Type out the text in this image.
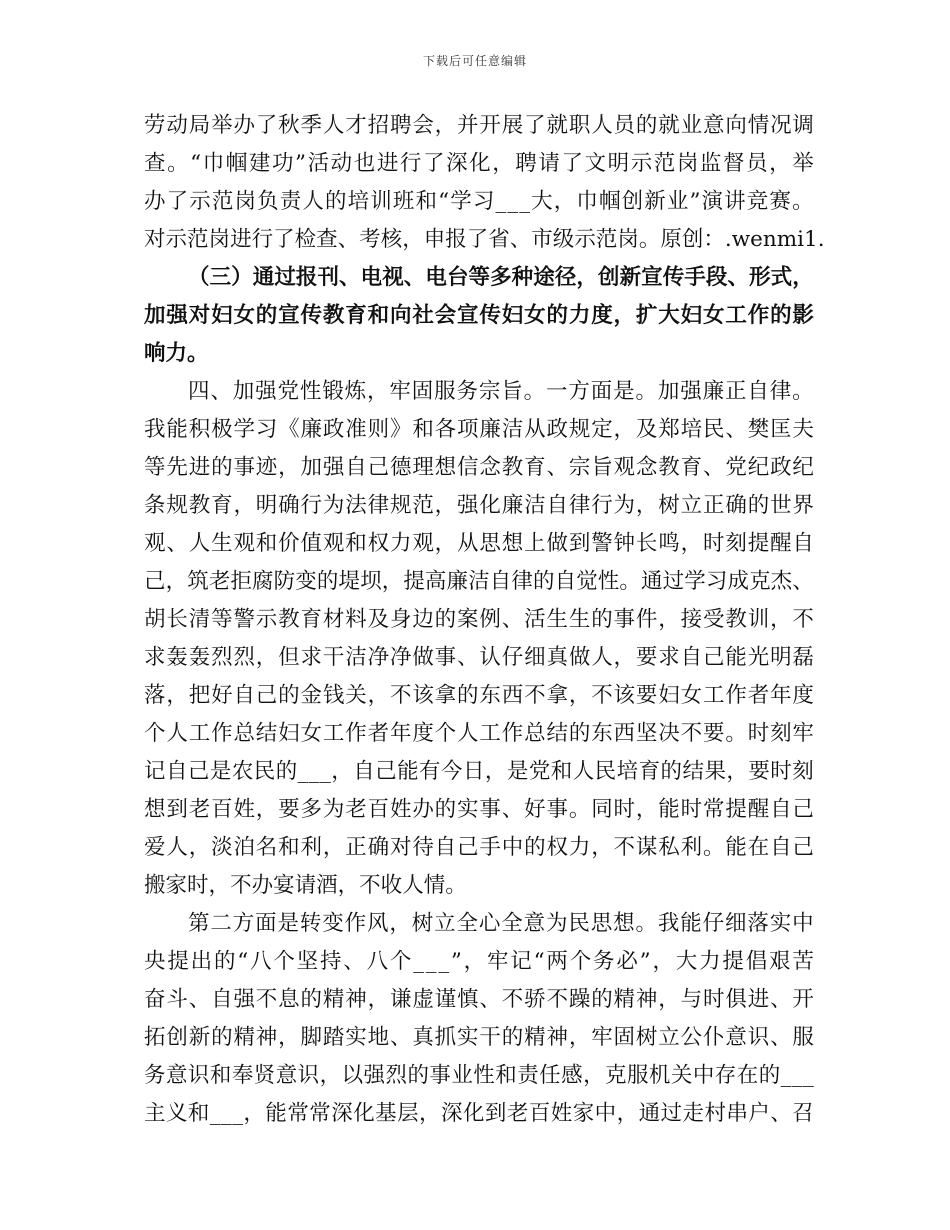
下载后可任意编辑
劳 动 局 举 办 了 秋 季 人 才 招 聘 会 ， 并 开 展 了 就 职 人 员 的 就 业 意 向 情 况 调
查 。 “ 巾 帼 建 功 ” 活 动 也 进 行 了 深 化 ， 聘 请 了 文 明 示 范 岗 监 督 员 ， 举
办 了 示 范 岗 负 责 人 的 培 训 班 和 “ 学 习 _ _ _ 大 ， 巾 帼 创 新 业 ” 演 讲 竞 赛 。
对 示 范 岗 进 行 了 检 查 、 考 核 ， 申 报 了 省 、 市 级 示 范 岗 。 原 创 ： . w e n m i 1 .
（ 三 ） 通 过 报 刊 、 电 视 、 电 台 等 多 种 途 径 ， 创 新 宣 传 手 段 、 形 式 ，
加 强 对 妇 女 的 宣 传 教 育 和 向 社 会 宣 传 妇 女 的 力 度 ， 扩 大 妇 女 工 作 的 影
响 力 。
四 、 加 强 党 性 锻 炼 ， 牢 固 服 务 宗 旨 。 一 方 面 是 。 加 强 廉 正 自 律 。
我 能 积 极 学 习 《 廉 政 准 则 》 和 各 项 廉 洁 从 政 规 定 ， 及 郑 培 民 、 樊 匡 夫
等 先 进 的 事 迹 ， 加 强 自 己 德 理 想 信 念 教 育 、 宗 旨 观 念 教 育 、 党 纪 政 纪
条 规 教 育 ， 明 确 行 为 法 律 规 范 ， 强 化 廉 洁 自 律 行 为 ， 树 立 正 确 的 世 界
观 、 人 生 观 和 价 值 观 和 权 力 观 ， 从 思 想 上 做 到 警 钟 长 鸣 ， 时 刻 提 醒 自
己 ， 筑 老 拒 腐 防 变 的 堤 坝 ， 提 高 廉 洁 自 律 的 自 觉 性 。 通 过 学 习 成 克 杰 、
胡 长 清 等 警 示 教 育 材 料 及 身 边 的 案 例 、 活 生 生 的 事 件 ， 接 受 教 训 ， 不
求 轰 轰 烈 烈 ， 但 求 干 洁 净 净 做 事 、 认 仔 细 真 做 人 ， 要 求 自 己 能 光 明 磊
落 ， 把 好 自 己 的 金 钱 关 ， 不 该 拿 的 东 西 不 拿 ， 不 该 要 妇 女 工 作 者 年 度
个 人 工 作 总 结 妇 女 工 作 者 年 度 个 人 工 作 总 结 的 东 西 坚 决 不 要 。 时 刻 牢
记 自 己 是 农 民 的 _ _ _ ， 自 己 能 有 今 日 ， 是 党 和 人 民 培 育 的 结 果 ， 要 时 刻
想 到 老 百 姓 ， 要 多 为 老 百 姓 办 的 实 事 、 好 事 。 同 时 ， 能 时 常 提 醒 自 己
爱 人 ， 淡 泊 名 和 利 ， 正 确 对 待 自 己 手 中 的 权 力 ， 不 谋 私 利 。 能 在 自 己
搬 家 时 ， 不 办 宴 请 酒 ， 不 收 人 情 。
第 二 方 面 是 转 变 作 风 ， 树 立 全 心 全 意 为 民 思 想 。 我 能 仔 细 落 实 中
央 提 出 的 “ 八 个 坚 持 、 八 个 _ _ _ ” ， 牢 记 “ 两 个 务 必 ” ， 大 力 提 倡 艰 苦
奋 斗 、 自 强 不 息 的 精 神 ， 谦 虚 谨 慎 、 不 骄 不 躁 的 精 神 ， 与 时 俱 进 、 开
拓 创 新 的 精 神 ， 脚 踏 实 地 、 真 抓 实 干 的 精 神 ， 牢 固 树 立 公 仆 意 识 、 服
务 意 识 和 奉 贤 意 识 ， 以 强 烈 的 事 业 性 和 责 任 感 ， 克 服 机 关 中 存 在 的 _ _ _
主 义 和 _ _ _ ， 能 常 常 深 化 基 层 ， 深 化 到 老 百 姓 家 中 ， 通 过 走 村 串 户 、 召
